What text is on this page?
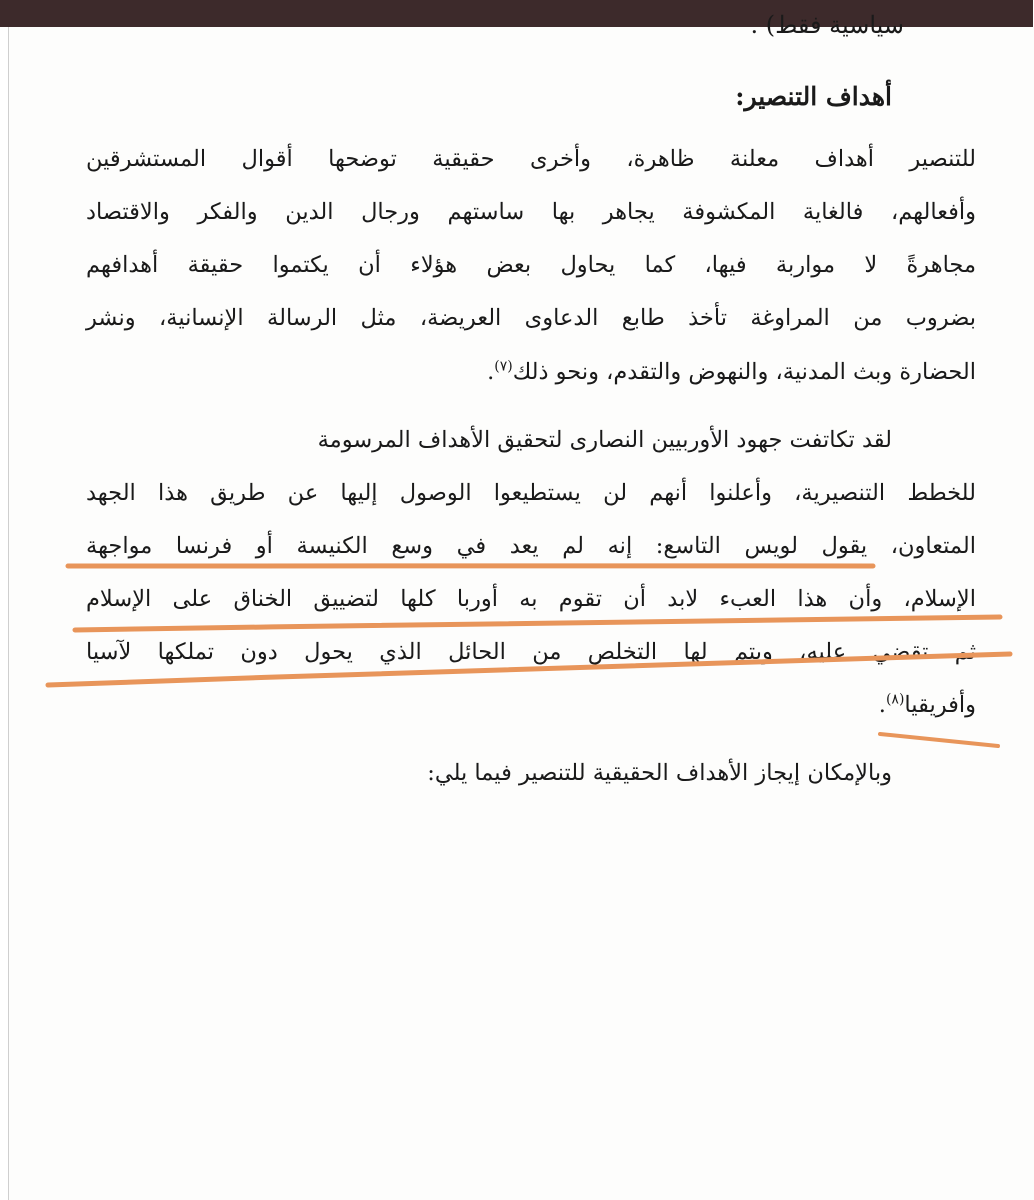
سياسية فقط) .
أهداف التنصير:
للتنصير أهداف معلنة ظاهرة، وأخرى حقيقية توضحها أقوال المستشرقين
وأفعالهم، فالغاية المكشوفة يجاهر بها ساستهم ورجال الدين والفكر والاقتصاد
مجاهرةً لا مواربة فيها، كما يحاول بعض هؤلاء أن يكتموا حقيقة أهدافهم
بضروب من المراوغة تأخذ طابع الدعاوى العريضة، مثل الرسالة الإنسانية، ونشر
الحضارة وبث المدنية، والنهوض والتقدم، ونحو ذلك$^{(٧)}$.
لقد تكاتفت جهود الأوربيين النصارى لتحقيق الأهداف المرسومة
للخطط التنصيرية، وأعلنوا أنهم لن يستطيعوا الوصول إليها عن طريق هذا الجهد
المتعاون، يقول لويس التاسع: إنه لم يعد في وسع الكنيسة أو فرنسا مواجهة
الإسلام، وأن هذا العبء لابد أن تقوم به أوربا كلها لتضييق الخناق على الإسلام
ثم تقضي عليه، ويتم لها التخلص من الحائل الذي يحول دون تملكها لآسيا
وأفريقيا$^{(٨)}$.
وبالإمكان إيجاز الأهداف الحقيقية للتنصير فيما يلي:
